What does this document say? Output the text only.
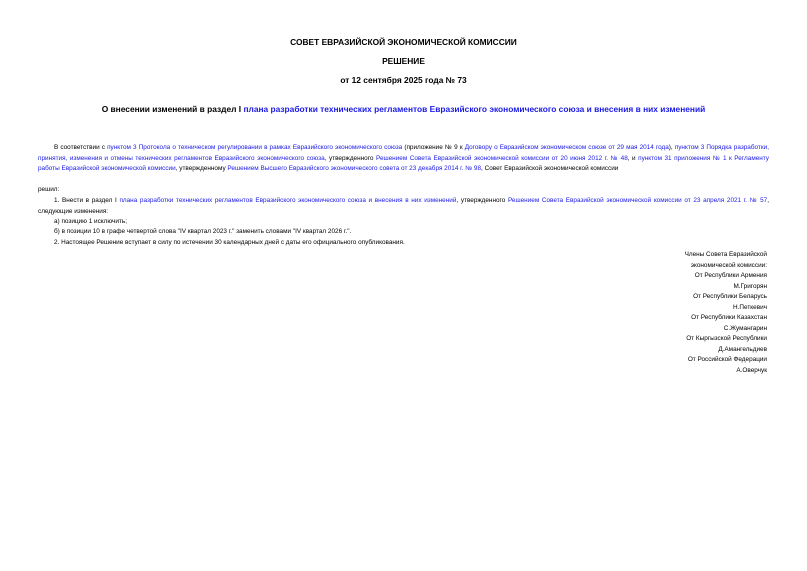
СОВЕТ ЕВРАЗИЙСКОЙ ЭКОНОМИЧЕСКОЙ КОМИССИИ
РЕШЕНИЕ
от 12 сентября 2025 года № 73
О внесении изменений в раздел I плана разработки технических регламентов Евразийского экономического союза и внесения в них изменений
В соответствии с пунктом 3 Протокола о техническом регулировании в рамках Евразийского экономического союза (приложение № 9 к Договору о Евразийском экономическом союзе от 29 мая 2014 года), пунктом 3 Порядка разработки, принятия, изменения и отмены технических регламентов Евразийского экономического союза, утвержденного Решением Совета Евразийской экономической комиссии от 20 июня 2012 г. № 48, и пунктом 31 приложения № 1 к Регламенту работы Евразийской экономической комиссии, утвержденному Решением Высшего Евразийского экономического совета от 23 декабря 2014 г. № 98, Совет Евразийской экономической комиссии
решил:
1. Внести в раздел I плана разработки технических регламентов Евразийского экономического союза и внесения в них изменений, утвержденного Решением Совета Евразийской экономической комиссии от 23 апреля 2021 г. № 57, следующие изменения:
а) позицию 1 исключить;
б) в позиции 10 в графе четвертой слова "IV квартал 2023 г." заменить словами "IV квартал 2026 г.".
2. Настоящее Решение вступает в силу по истечении 30 календарных дней с даты его официального опубликования.
Члены Совета Евразийской
экономической комиссии:
От Республики Армения
М.Григорян
От Республики Беларусь
Н.Петкевич
От Республики Казахстан
С.Жумангарин
От Кыргызской Республики
Д.Амангельдиев
От Российской Федерации
А.Оверчук
